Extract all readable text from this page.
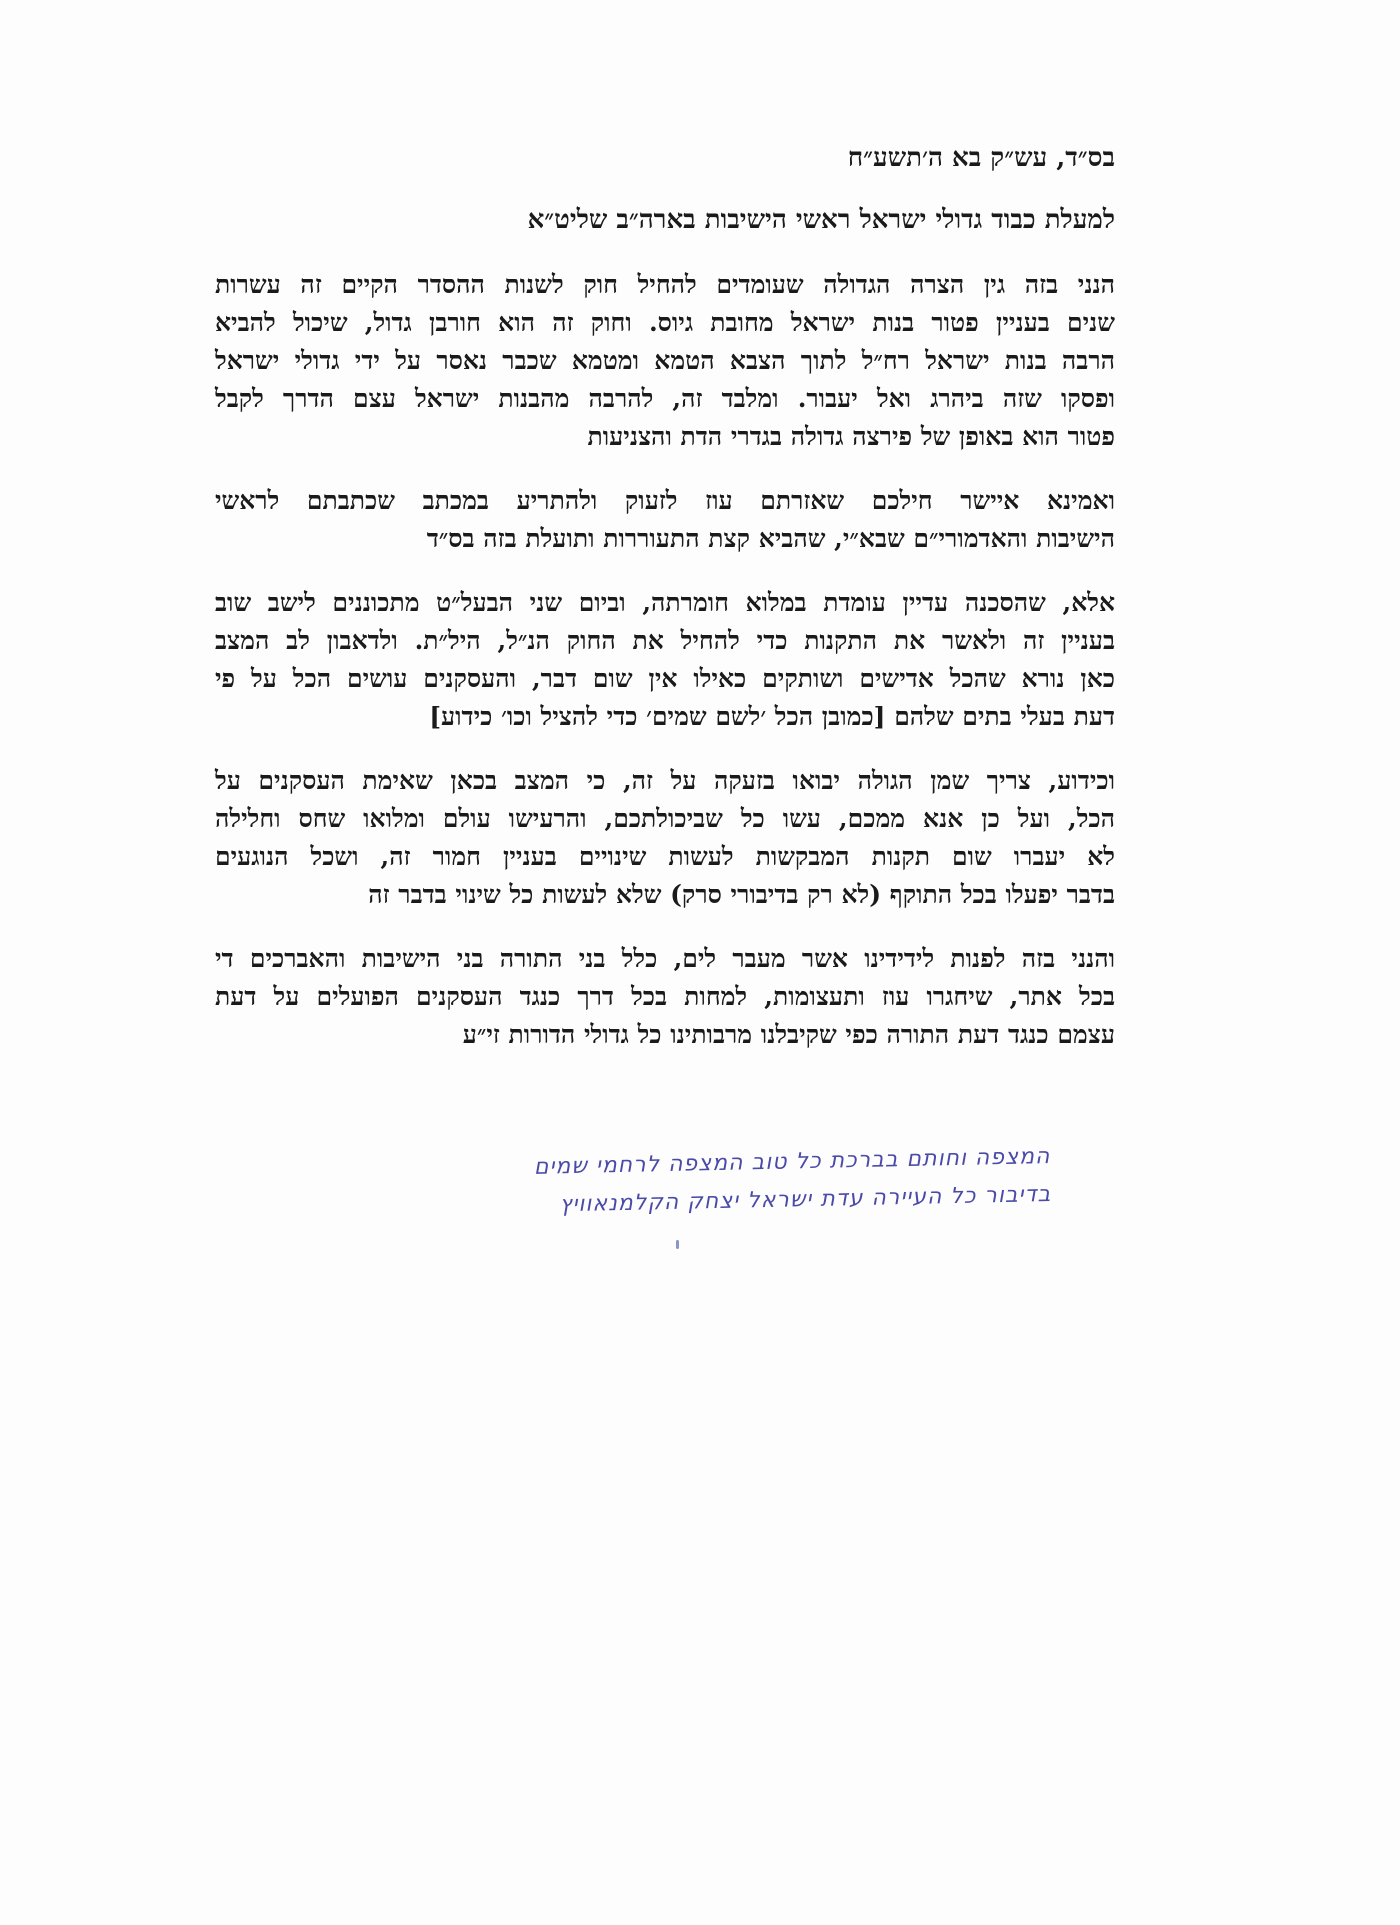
בס״ד, עש״ק בא ה׳תשע״ח
למעלת כבוד גדולי ישראל ראשי הישיבות בארה״ב שליט״א
הנני בזה גין הצרה הגדולה שעומדים להחיל חוק לשנות ההסדר הקיים זה עשרות
שנים בעניין פטור בנות ישראל מחובת גיוס. וחוק זה הוא חורבן גדול, שיכול להביא
הרבה בנות ישראל רח״ל לתוך הצבא הטמא ומטמא שכבר נאסר על ידי גדולי ישראל
ופסקו שזה ביהרג ואל יעבור. ומלבד זה, להרבה מהבנות ישראל עצם הדרך לקבל
פטור הוא באופן של פירצה גדולה בגדרי הדת והצניעות
ואמינא איישר חילכם שאזרתם עוז לזעוק ולהתריע במכתב שכתבתם לראשי
הישיבות והאדמורי״ם שבא״י, שהביא קצת התעוררות ותועלת בזה בס״ד
אלא, שהסכנה עדיין עומדת במלוא חומרתה, וביום שני הבעל״ט מתכוננים לישב שוב
בעניין זה ולאשר את התקנות כדי להחיל את החוק הנ״ל, היל״ת. ולדאבון לב המצב
כאן נורא שהכל אדישים ושותקים כאילו אין שום דבר, והעסקנים עושים הכל על פי
דעת בעלי בתים שלהם [כמובן הכל ׳לשם שמים׳ כדי להציל וכו׳ כידוע]
וכידוע, צריך שמן הגולה יבואו בזעקה על זה, כי המצב בכאן שאימת העסקנים על
הכל, ועל כן אנא ממכם, עשו כל שביכולתכם, והרעישו עולם ומלואו שחס וחלילה
לא יעברו שום תקנות המבקשות לעשות שינויים בעניין חמור זה, ושכל הנוגעים
בדבר יפעלו בכל התוקף (לא רק בדיבורי סרק) שלא לעשות כל שינוי בדבר זה
והנני בזה לפנות לידידינו אשר מעבר לים, כלל בני התורה בני הישיבות והאברכים די
בכל אתר, שיחגרו עוז ותעצומות, למחות בכל דרך כנגד העסקנים הפועלים על דעת
עצמם כנגד דעת התורה כפי שקיבלנו מרבותינו כל גדולי הדורות זי״ע
המצפה וחותם בברכת כל טוב המצפה לרחמי שמים
בדיבור כל העיירה עדת ישראל יצחק הקלמנאוויץ
